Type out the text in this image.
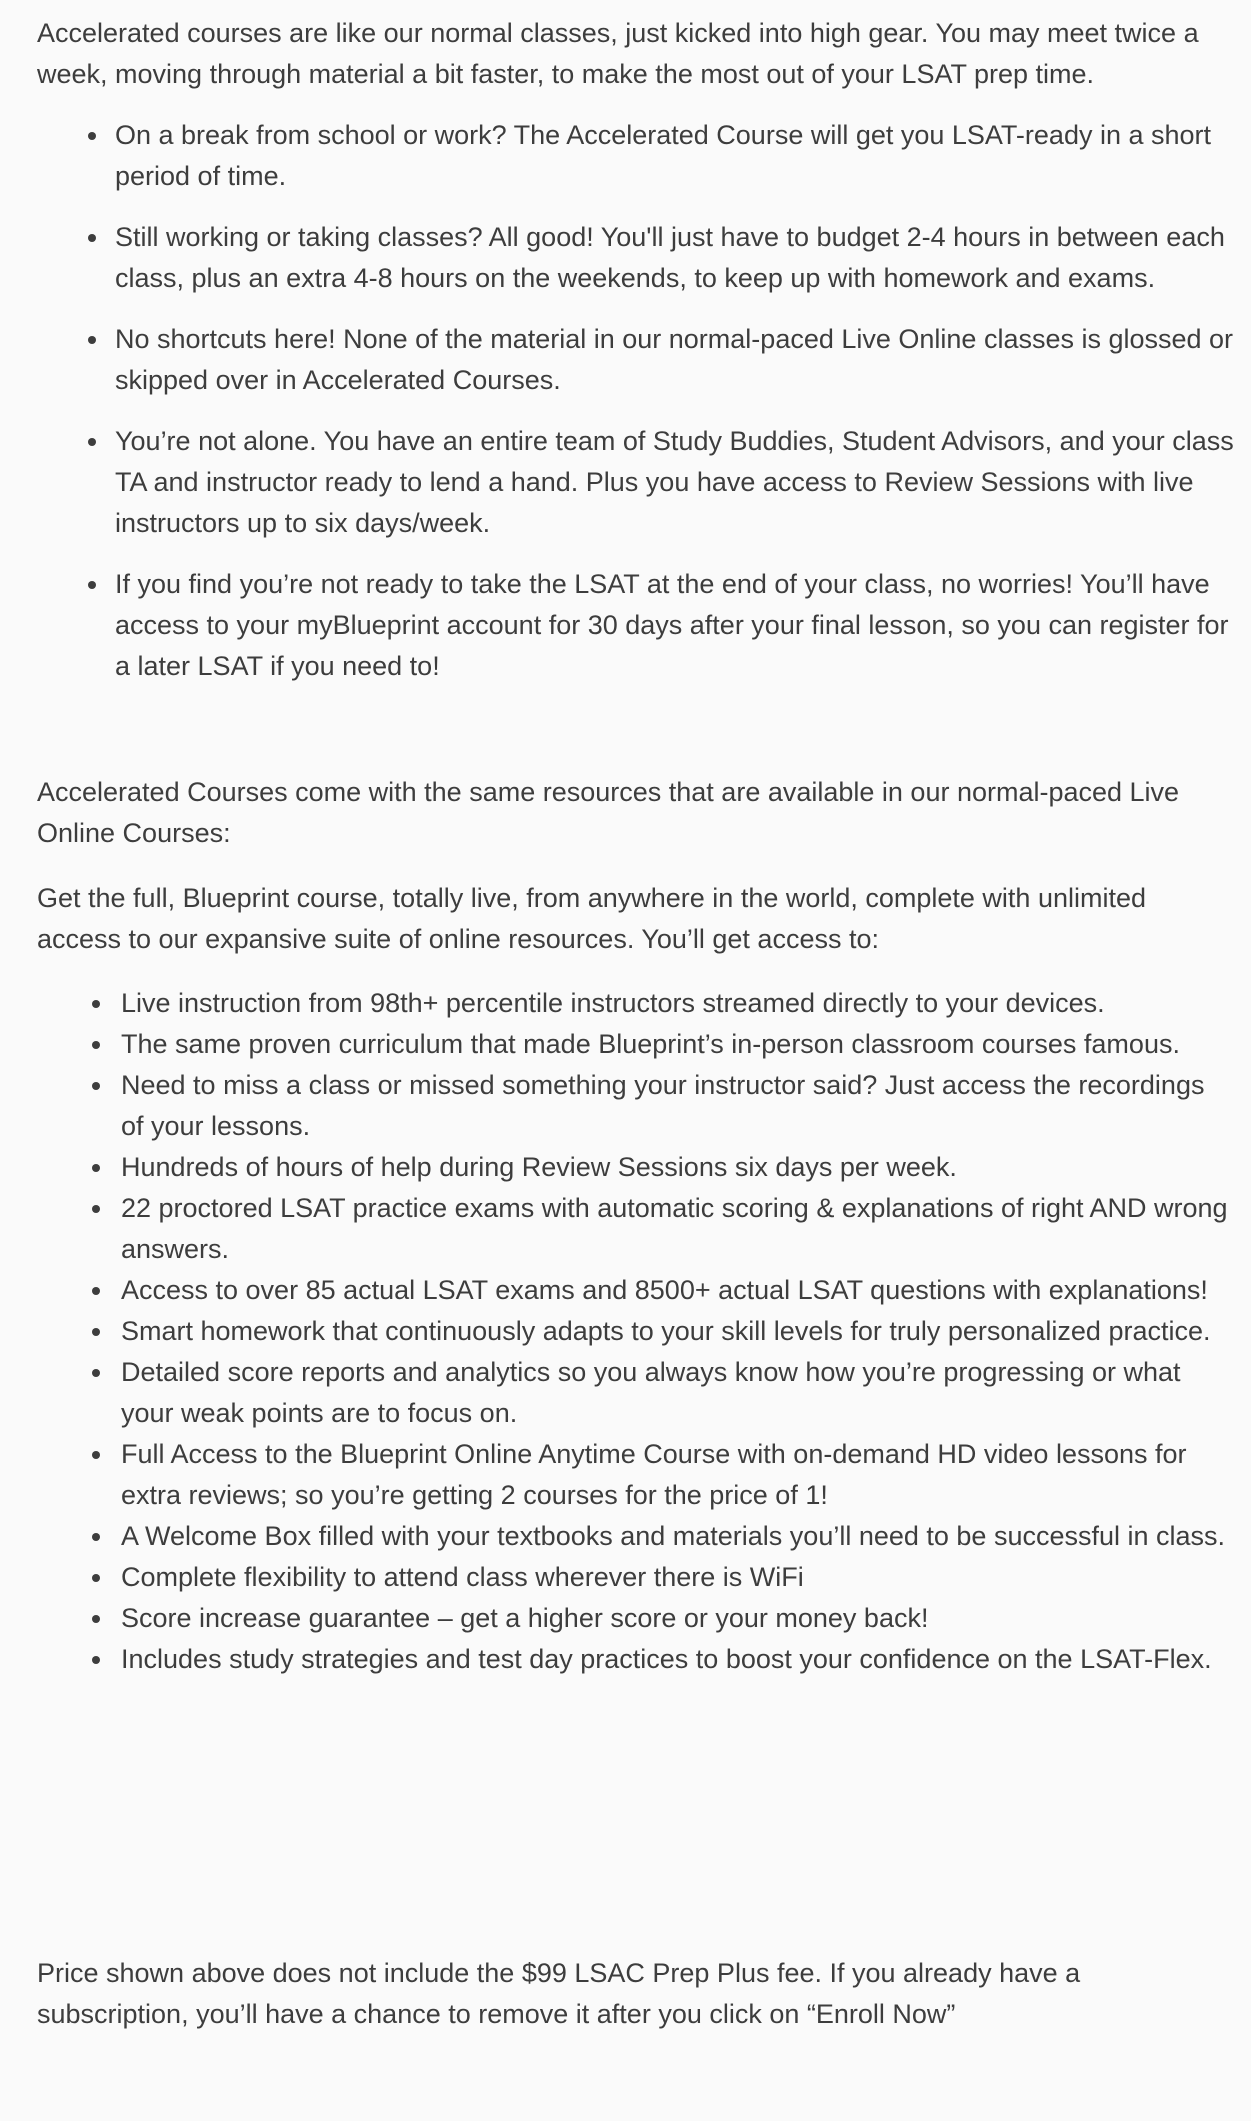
Accelerated courses are like our normal classes, just kicked into high gear. You may meet twice a week, moving through material a bit faster, to make the most out of your LSAT prep time.

On a break from school or work? The Accelerated Course will get you LSAT-ready in a short period of time.
Still working or taking classes? All good! You'll just have to budget 2-4 hours in between each class, plus an extra 4-8 hours on the weekends, to keep up with homework and exams.
No shortcuts here! None of the material in our normal-paced Live Online classes is glossed or skipped over in Accelerated Courses.
You’re not alone. You have an entire team of Study Buddies, Student Advisors, and your class TA and instructor ready to lend a hand. Plus you have access to Review Sessions with live instructors up to six days/week.
If you find you’re not ready to take the LSAT at the end of your class, no worries! You’ll have access to your myBlueprint account for 30 days after your final lesson, so you can register for a later LSAT if you need to!

Accelerated Courses come with the same resources that are available in our normal-paced Live Online Courses:

Get the full, Blueprint course, totally live, from anywhere in the world, complete with unlimited access to our expansive suite of online resources. You’ll get access to:

Live instruction from 98th+ percentile instructors streamed directly to your devices.
The same proven curriculum that made Blueprint’s in-person classroom courses famous.
Need to miss a class or missed something your instructor said? Just access the recordings of your lessons.
Hundreds of hours of help during Review Sessions six days per week.
22 proctored LSAT practice exams with automatic scoring & explanations of right AND wrong answers.
Access to over 85 actual LSAT exams and 8500+ actual LSAT questions with explanations!
Smart homework that continuously adapts to your skill levels for truly personalized practice.
Detailed score reports and analytics so you always know how you’re progressing or what your weak points are to focus on.
Full Access to the Blueprint Online Anytime Course with on-demand HD video lessons for extra reviews; so you’re getting 2 courses for the price of 1!
A Welcome Box filled with your textbooks and materials you’ll need to be successful in class.
Complete flexibility to attend class wherever there is WiFi
Score increase guarantee – get a higher score or your money back!
Includes study strategies and test day practices to boost your confidence on the LSAT-Flex.

Price shown above does not include the $99 LSAC Prep Plus fee. If you already have a subscription, you’ll have a chance to remove it after you click on “Enroll Now”
